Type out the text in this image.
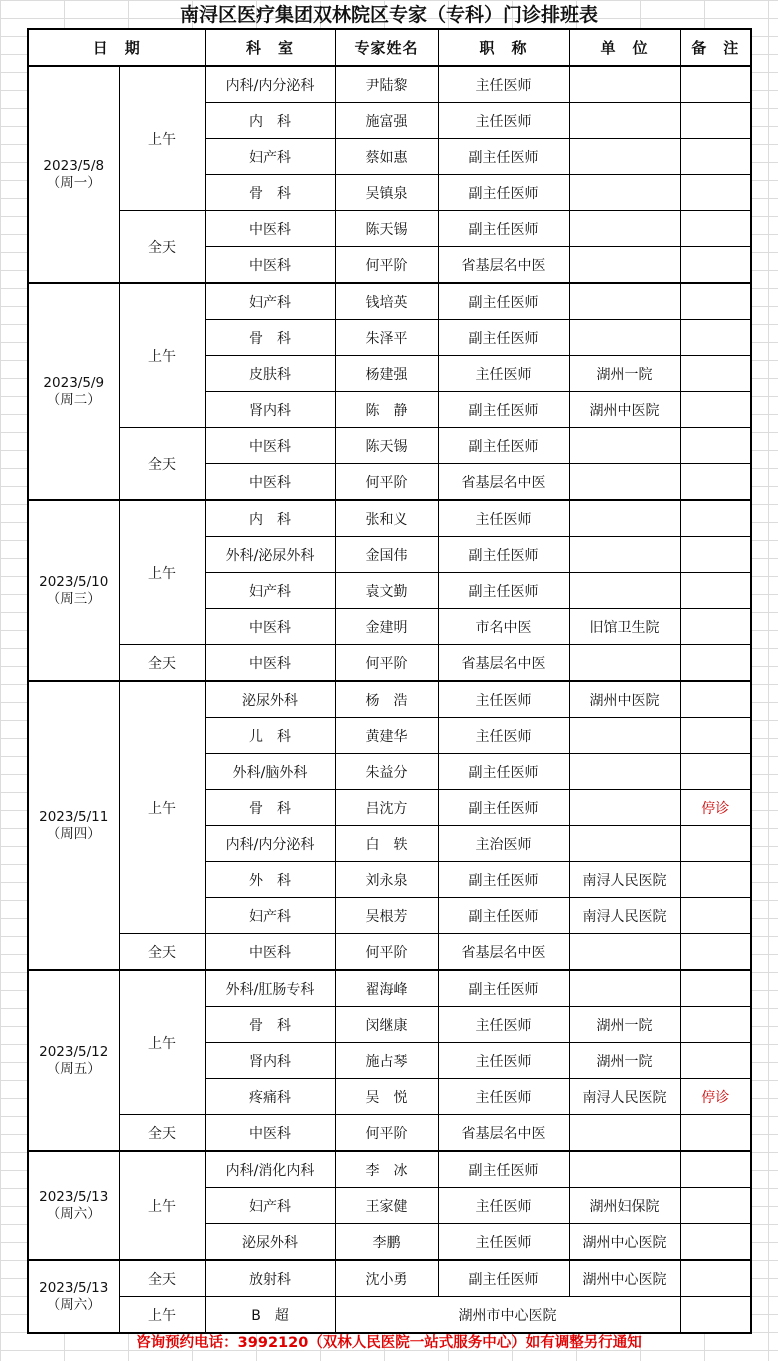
南浔区医疗集团双林院区专家（专科）门诊排班表
日　期		科　室	专家姓名	职　称	单　位	备　注

2023/5/8
（周一）	上午	内科/内分泌科	尹陆黎	主任医师		
		内　科	施富强	主任医师		
		妇产科	蔡如惠	副主任医师		
		骨　科	吴镇泉	副主任医师		
	全天	中医科	陈天锡	副主任医师		
		中医科	何平阶	省基层名中医		

2023/5/9
（周二）	上午	妇产科	钱培英	副主任医师		
		骨　科	朱泽平	副主任医师		
		皮肤科	杨建强	主任医师	湖州一院	
		肾内科	陈　静	副主任医师	湖州中医院	
	全天	中医科	陈天锡	副主任医师		
		中医科	何平阶	省基层名中医		

2023/5/10
（周三）	上午	内　科	张和义	主任医师		
		外科/泌尿外科	金国伟	副主任医师		
		妇产科	袁文勤	副主任医师		
		中医科	金建明	市名中医	旧馆卫生院	
	全天	中医科	何平阶	省基层名中医		

2023/5/11
（周四）	上午	泌尿外科	杨　浩	主任医师	湖州中医院	
		儿　科	黄建华	主任医师		
		外科/脑外科	朱益分	副主任医师		
		骨　科	吕沈方	副主任医师		停诊
		内科/内分泌科	白　轶	主治医师		
		外　科	刘永泉	副主任医师	南浔人民医院	
		妇产科	吴根芳	副主任医师	南浔人民医院	
	全天	中医科	何平阶	省基层名中医		

2023/5/12
（周五）	上午	外科/肛肠专科	翟海峰	副主任医师		
		骨　科	闵继康	主任医师	湖州一院	
		肾内科	施占琴	主任医师	湖州一院	
		疼痛科	吴　悦	主任医师	南浔人民医院	停诊
	全天	中医科	何平阶	省基层名中医		

2023/5/13
（周六）	上午	内科/消化内科	李　冰	副主任医师		
		妇产科	王家健	主任医师	湖州妇保院	
		泌尿外科	李鹏	主任医师	湖州中心医院	

2023/5/13
（周六）	全天	放射科	沈小勇	副主任医师	湖州中心医院	
	上午	B　超	湖州市中心医院			
咨询预约电话：3992120（双林人民医院一站式服务中心）如有调整另行通知
